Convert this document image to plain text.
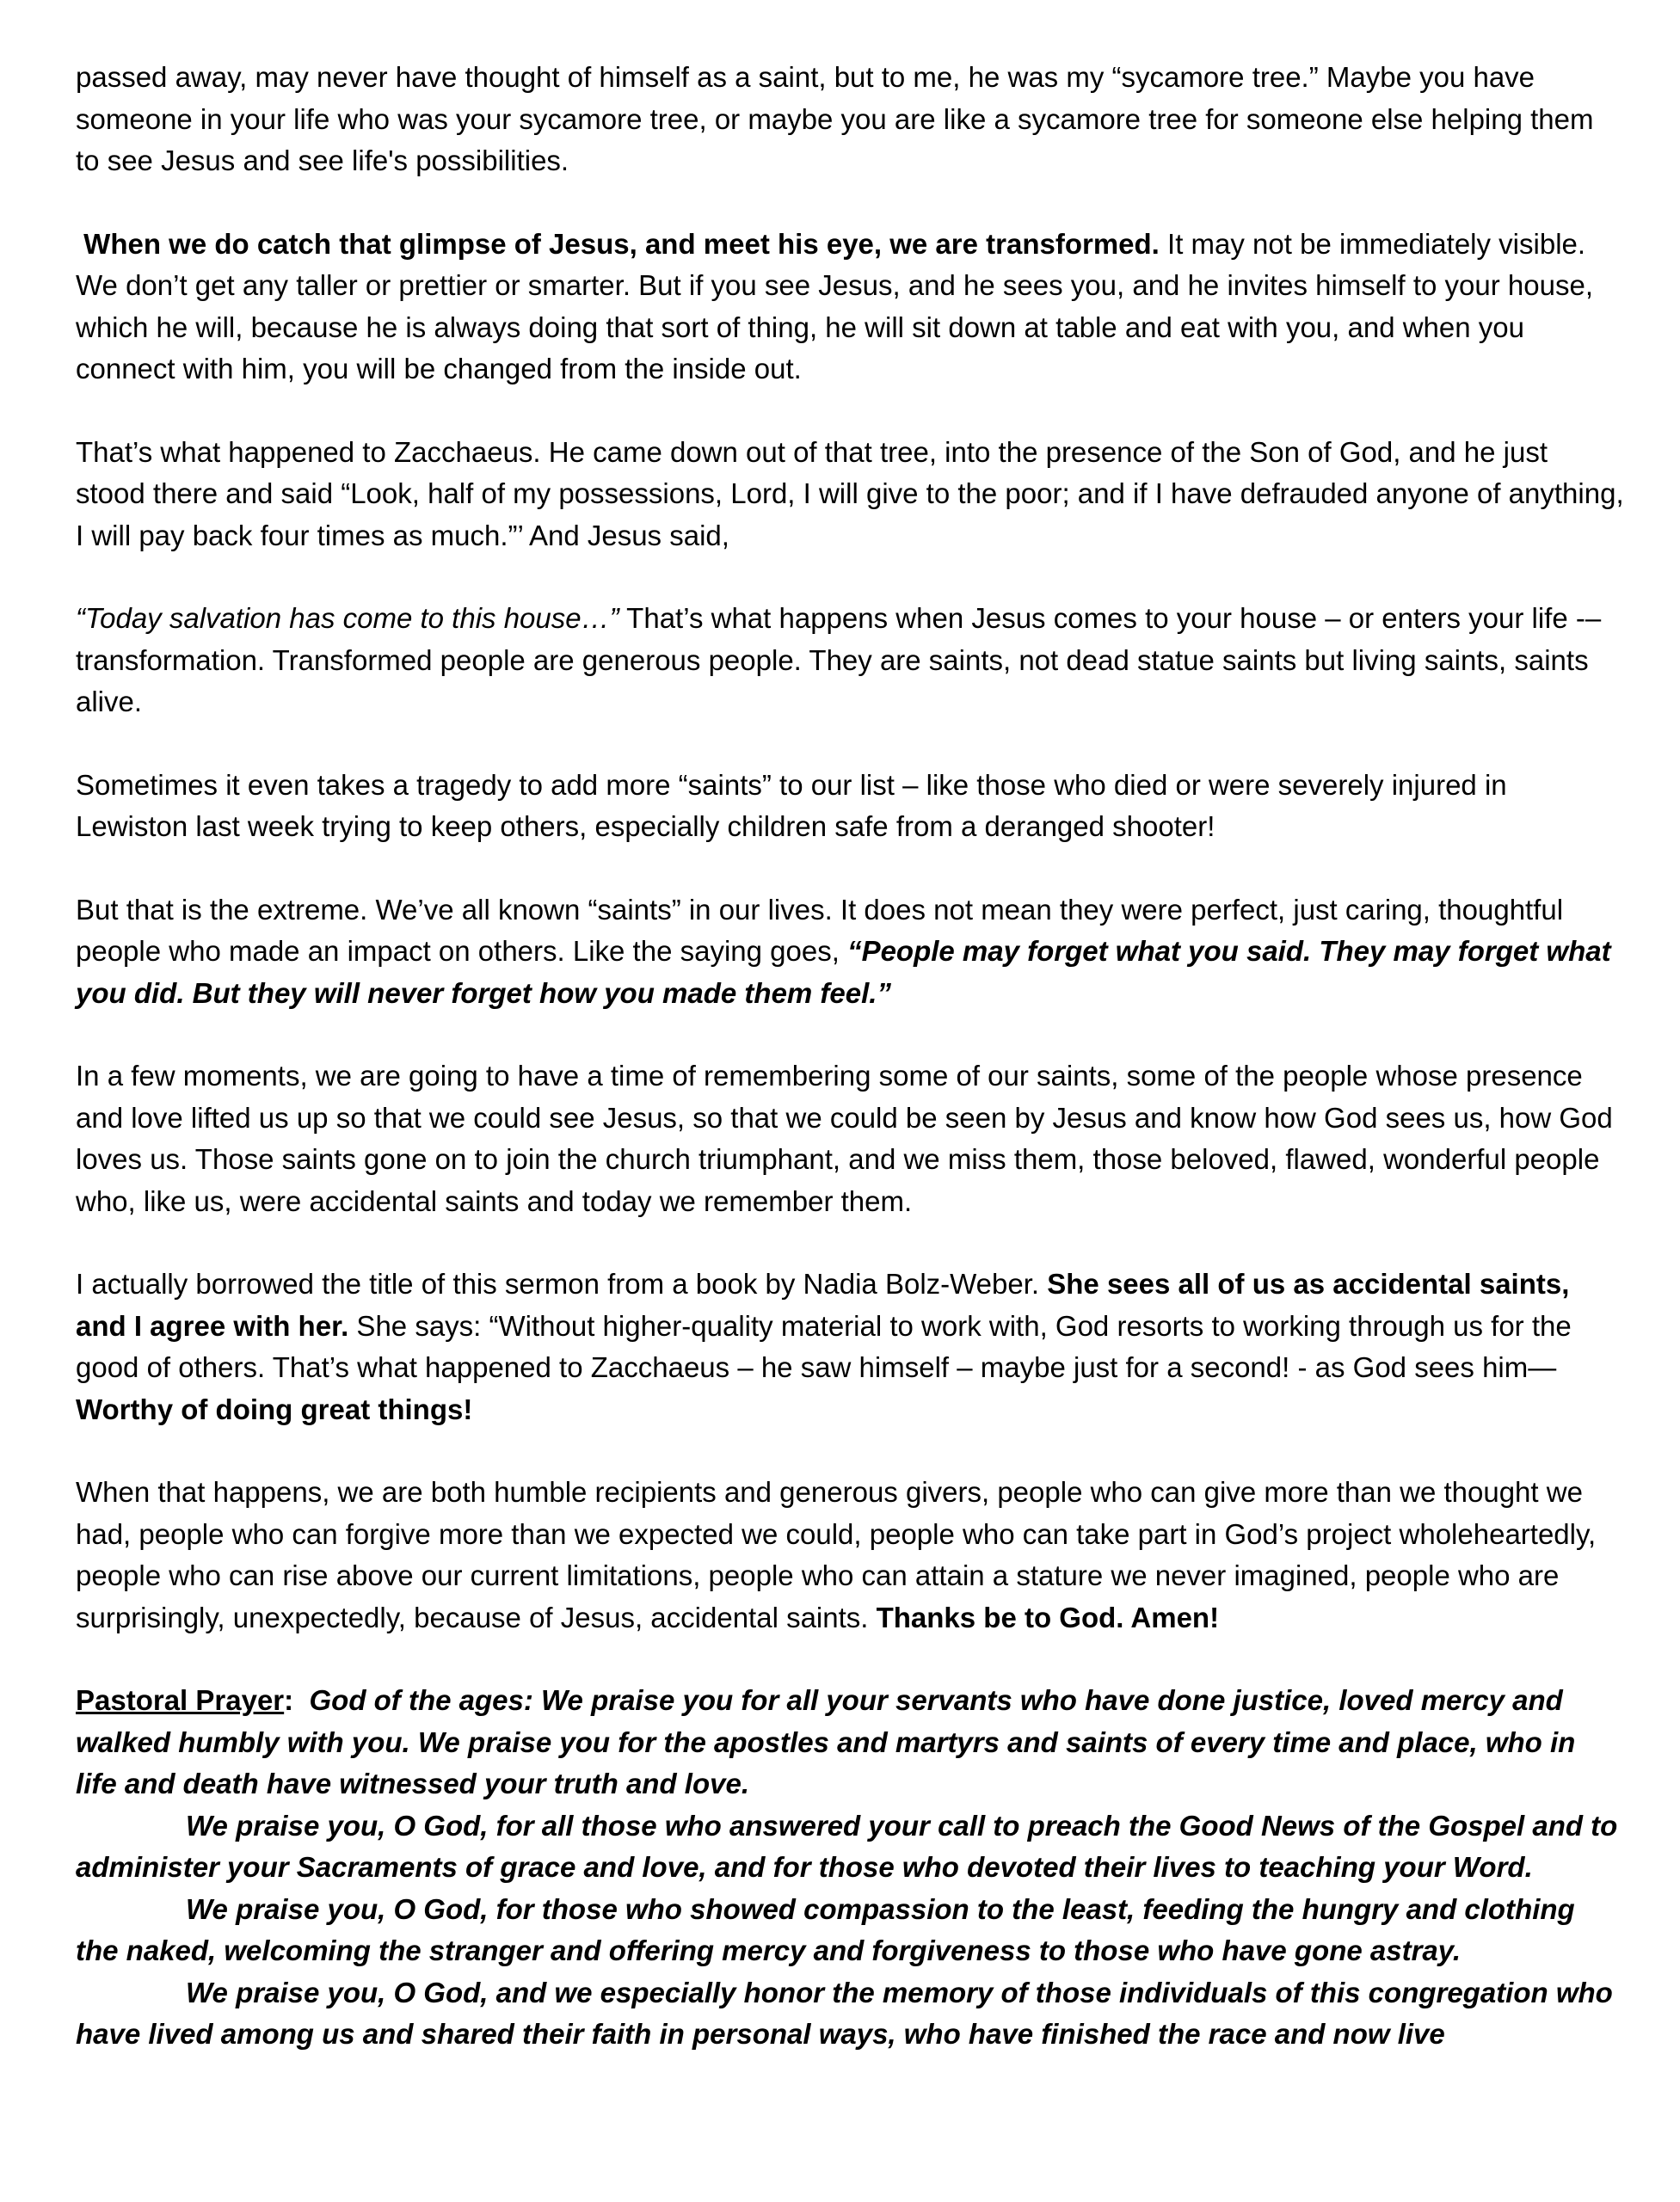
passed away, may never have thought of himself as a saint, but to me, he was my “sycamore tree.” Maybe you have someone in your life who was your sycamore tree, or maybe you are like a sycamore tree for someone else helping them to see Jesus and see life's possibilities.

When we do catch that glimpse of Jesus, and meet his eye, we are transformed. It may not be immediately visible. We don’t get any taller or prettier or smarter. But if you see Jesus, and he sees you, and he invites himself to your house, which he will, because he is always doing that sort of thing, he will sit down at table and eat with you, and when you connect with him, you will be changed from the inside out.

That’s what happened to Zacchaeus. He came down out of that tree, into the presence of the Son of God, and he just stood there and said “Look, half of my possessions, Lord, I will give to the poor; and if I have defrauded anyone of anything, I will pay back four times as much.”’ And Jesus said,

“Today salvation has come to this house…” That’s what happens when Jesus comes to your house – or enters your life -– transformation. Transformed people are generous people. They are saints, not dead statue saints but living saints, saints alive.

Sometimes it even takes a tragedy to add more “saints” to our list – like those who died or were severely injured in Lewiston last week trying to keep others, especially children safe from a deranged shooter!

But that is the extreme. We’ve all known “saints” in our lives. It does not mean they were perfect, just caring, thoughtful people who made an impact on others. Like the saying goes, “People may forget what you said. They may forget what you did. But they will never forget how you made them feel.”

In a few moments, we are going to have a time of remembering some of our saints, some of the people whose presence and love lifted us up so that we could see Jesus, so that we could be seen by Jesus and know how God sees us, how God loves us. Those saints gone on to join the church triumphant, and we miss them, those beloved, flawed, wonderful people who, like us, were accidental saints and today we remember them.

I actually borrowed the title of this sermon from a book by Nadia Bolz-Weber. She sees all of us as accidental saints, and I agree with her. She says: “Without higher-quality material to work with, God resorts to working through us for the good of others. That’s what happened to Zacchaeus – he saw himself – maybe just for a second! - as God sees him—Worthy of doing great things!

When that happens, we are both humble recipients and generous givers, people who can give more than we thought we had, people who can forgive more than we expected we could, people who can take part in God’s project wholeheartedly, people who can rise above our current limitations, people who can attain a stature we never imagined, people who are surprisingly, unexpectedly, because of Jesus, accidental saints. Thanks be to God. Amen!

Pastoral Prayer: God of the ages: We praise you for all your servants who have done justice, loved mercy and walked humbly with you. We praise you for the apostles and martyrs and saints of every time and place, who in life and death have witnessed your truth and love.
We praise you, O God, for all those who answered your call to preach the Good News of the Gospel and to administer your Sacraments of grace and love, and for those who devoted their lives to teaching your Word.
We praise you, O God, for those who showed compassion to the least, feeding the hungry and clothing the naked, welcoming the stranger and offering mercy and forgiveness to those who have gone astray.
We praise you, O God, and we especially honor the memory of those individuals of this congregation who have lived among us and shared their faith in personal ways, who have finished the race and now live
